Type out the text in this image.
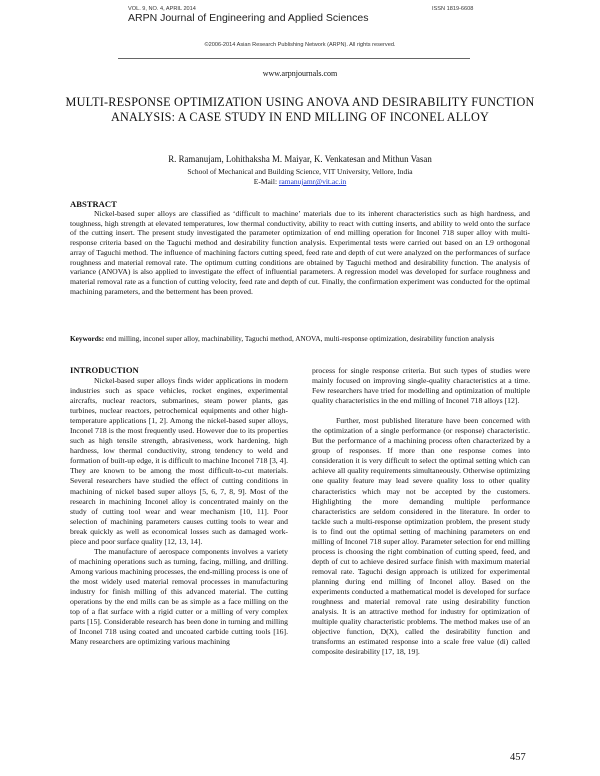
VOL. 9, NO. 4, APRIL 2014	ISSN 1819-6608
ARPN Journal of Engineering and Applied Sciences
©2006-2014 Asian Research Publishing Network (ARPN). All rights reserved.
www.arpnjournals.com
MULTI-RESPONSE OPTIMIZATION USING ANOVA AND DESIRABILITY FUNCTION ANALYSIS: A CASE STUDY IN END MILLING OF INCONEL ALLOY
R. Ramanujam, Lohithaksha M. Maiyar, K. Venkatesan and Mithun Vasan
School of Mechanical and Building Science, VIT University, Vellore, India
E-Mail: ramanujamr@vit.ac.in
ABSTRACT

Nickel-based super alloys are classified as ‘difficult to machine’ materials due to its inherent characteristics such as high hardness, and toughness, high strength at elevated temperatures, low thermal conductivity, ability to react with cutting inserts, and ability to weld onto the surface of the cutting insert. The present study investigated the parameter optimization of end milling operation for Inconel 718 super alloy with multi-response criteria based on the Taguchi method and desirability function analysis. Experimental tests were carried out based on an L9 orthogonal array of Taguchi method. The influence of machining factors cutting speed, feed rate and depth of cut were analyzed on the performances of surface roughness and material removal rate. The optimum cutting conditions are obtained by Taguchi method and desirability function. The analysis of variance (ANOVA) is also applied to investigate the effect of influential parameters. A regression model was developed for surface roughness and material removal rate as a function of cutting velocity, feed rate and depth of cut. Finally, the confirmation experiment was conducted for the optimal machining parameters, and the betterment has been proved.

Keywords: end milling, inconel super alloy, machinability, Taguchi method, ANOVA, multi-response optimization, desirability function analysis

INTRODUCTION

Nickel-based super alloys finds wider applications in modern industries such as space vehicles, rocket engines, experimental aircrafts, nuclear reactors, submarines, steam power plants, gas turbines, nuclear reactors, petrochemical equipments and other high-temperature applications [1, 2]. Among the nickel-based super alloys, Inconel 718 is the most frequently used. However due to its properties such as high tensile strength, abrasiveness, work hardening, high hardness, low thermal conductivity, strong tendency to weld and formation of built-up edge, it is difficult to machine Inconel 718 [3, 4]. They are known to be among the most difficult-to-cut materials. Several researchers have studied the effect of cutting conditions in machining of nickel based super alloys [5, 6, 7, 8, 9]. Most of the research in machining Inconel alloy is concentrated mainly on the study of cutting tool wear and wear mechanism [10, 11]. Poor selection of machining parameters causes cutting tools to wear and break quickly as well as economical losses such as damaged work-piece and poor surface quality [12, 13, 14].

The manufacture of aerospace components involves a variety of machining operations such as turning, facing, milling, and drilling. Among various machining processes, the end-milling process is one of the most widely used material removal processes in manufacturing industry for finish milling of this advanced material. The cutting operations by the end mills can be as simple as a face milling on the top of a flat surface with a rigid cutter or a milling of very complex parts [15]. Considerable research has been done in turning and milling of Inconel 718 using coated and uncoated carbide cutting tools [16]. Many researchers are optimizing various machining

process for single response criteria. But such types of studies were mainly focused on improving single-quality characteristics at a time. Few researchers have tried for modelling and optimization of multiple quality characteristics in the end milling of Inconel 718 alloys [12].

Further, most published literature have been concerned with the optimization of a single performance (or response) characteristic. But the performance of a machining process often characterized by a group of responses. If more than one response comes into consideration it is very difficult to select the optimal setting which can achieve all quality requirements simultaneously. Otherwise optimizing one quality feature may lead severe quality loss to other quality characteristics which may not be accepted by the customers. Highlighting the more demanding multiple performance characteristics are seldom considered in the literature. In order to tackle such a multi-response optimization problem, the present study is to find out the optimal setting of machining parameters on end milling of Inconel 718 super alloy. Parameter selection for end milling process is choosing the right combination of cutting speed, feed, and depth of cut to achieve desired surface finish with maximum material removal rate. Taguchi design approach is utilized for experimental planning during end milling of Inconel alloy. Based on the experiments conducted a mathematical model is developed for surface roughness and material removal rate using desirability function analysis. It is an attractive method for industry for optimization of multiple quality characteristic problems. The method makes use of an objective function, D(X), called the desirability function and transforms an estimated response into a scale free value (di) called composite desirability [17, 18, 19].

457
